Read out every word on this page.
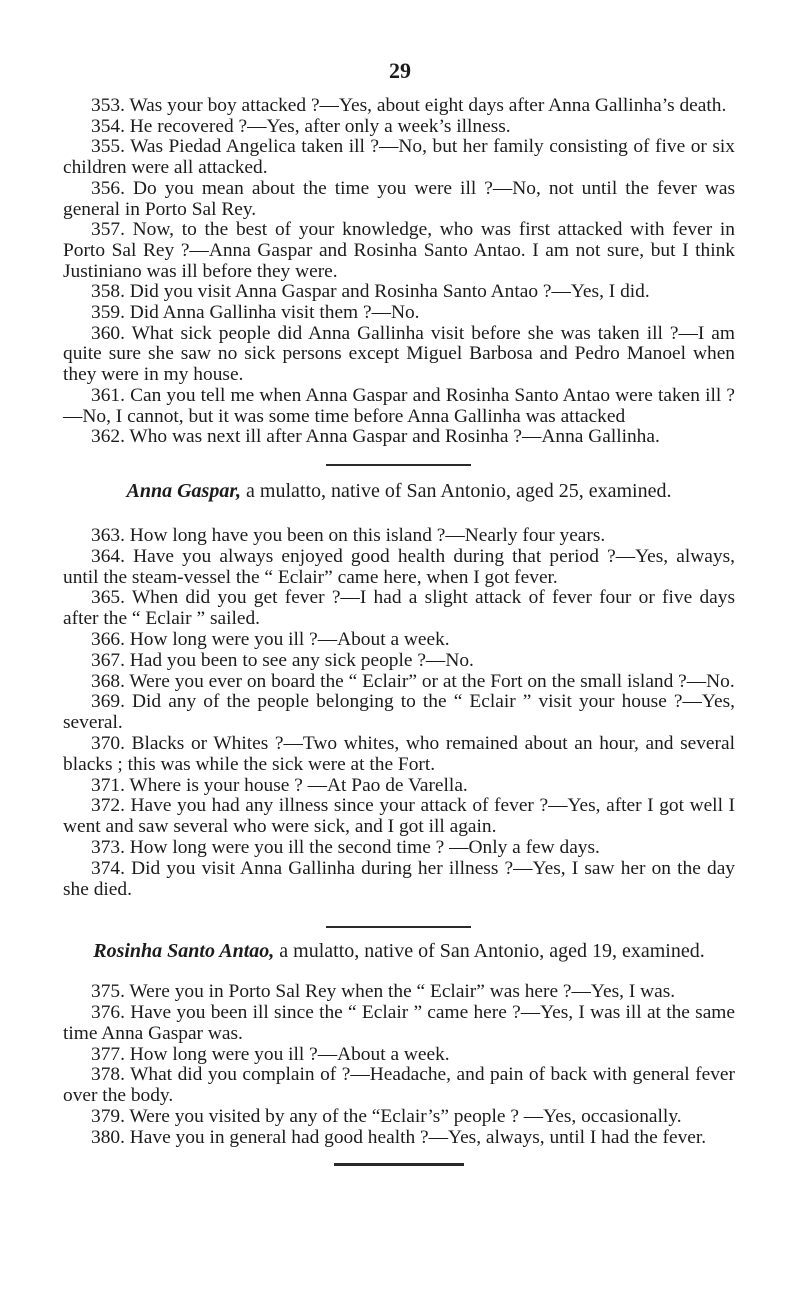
29

353. Was your boy attacked ?—Yes, about eight days after Anna Gallinha’s death.

354. He recovered ?—Yes, after only a week’s illness.

355. Was Piedad Angelica taken ill ?—No, but her family consisting of five or six children were all attacked.

356. Do you mean about the time you were ill ?—No, not until the fever was general in Porto Sal Rey.

357. Now, to the best of your knowledge, who was first attacked with fever in Porto Sal Rey ?—Anna Gaspar and Rosinha Santo Antao. I am not sure, but I think Justiniano was ill before they were.

358. Did you visit Anna Gaspar and Rosinha Santo Antao ?—Yes, I did.

359. Did Anna Gallinha visit them ?—No.

360. What sick people did Anna Gallinha visit before she was taken ill ?—I am quite sure she saw no sick persons except Miguel Barbosa and Pedro Manoel when they were in my house.

361. Can you tell me when Anna Gaspar and Rosinha Santo Antao were taken ill ?—No, I cannot, but it was some time before Anna Gallinha was attacked

362. Who was next ill after Anna Gaspar and Rosinha ?—Anna Gallinha.

Anna Gaspar, a mulatto, native of San Antonio, aged 25, examined.

363. How long have you been on this island ?—Nearly four years.

364. Have you always enjoyed good health during that period ?—Yes, always, until the steam-vessel the “ Eclair” came here, when I got fever.

365. When did you get fever ?—I had a slight attack of fever four or five days after the “ Eclair ” sailed.

366. How long were you ill ?—About a week.

367. Had you been to see any sick people ?—No.

368. Were you ever on board the “ Eclair” or at the Fort on the small island ?—No.

369. Did any of the people belonging to the “ Eclair ” visit your house ?—Yes, several.

370. Blacks or Whites ?—Two whites, who remained about an hour, and several blacks ; this was while the sick were at the Fort.

371. Where is your house ? —At Pao de Varella.

372. Have you had any illness since your attack of fever ?—Yes, after I got well I went and saw several who were sick, and I got ill again.

373. How long were you ill the second time ? —Only a few days.

374. Did you visit Anna Gallinha during her illness ?—Yes, I saw her on the day she died.

Rosinha Santo Antao, a mulatto, native of San Antonio, aged 19, examined.

375. Were you in Porto Sal Rey when the “ Eclair” was here ?—Yes, I was.

376. Have you been ill since the “ Eclair ” came here ?—Yes, I was ill at the same time Anna Gaspar was.

377. How long were you ill ?—About a week.

378. What did you complain of ?—Headache, and pain of back with general fever over the body.

379. Were you visited by any of the “Eclair’s” people ? —Yes, occasionally.

380. Have you in general had good health ?—Yes, always, until I had the fever.
